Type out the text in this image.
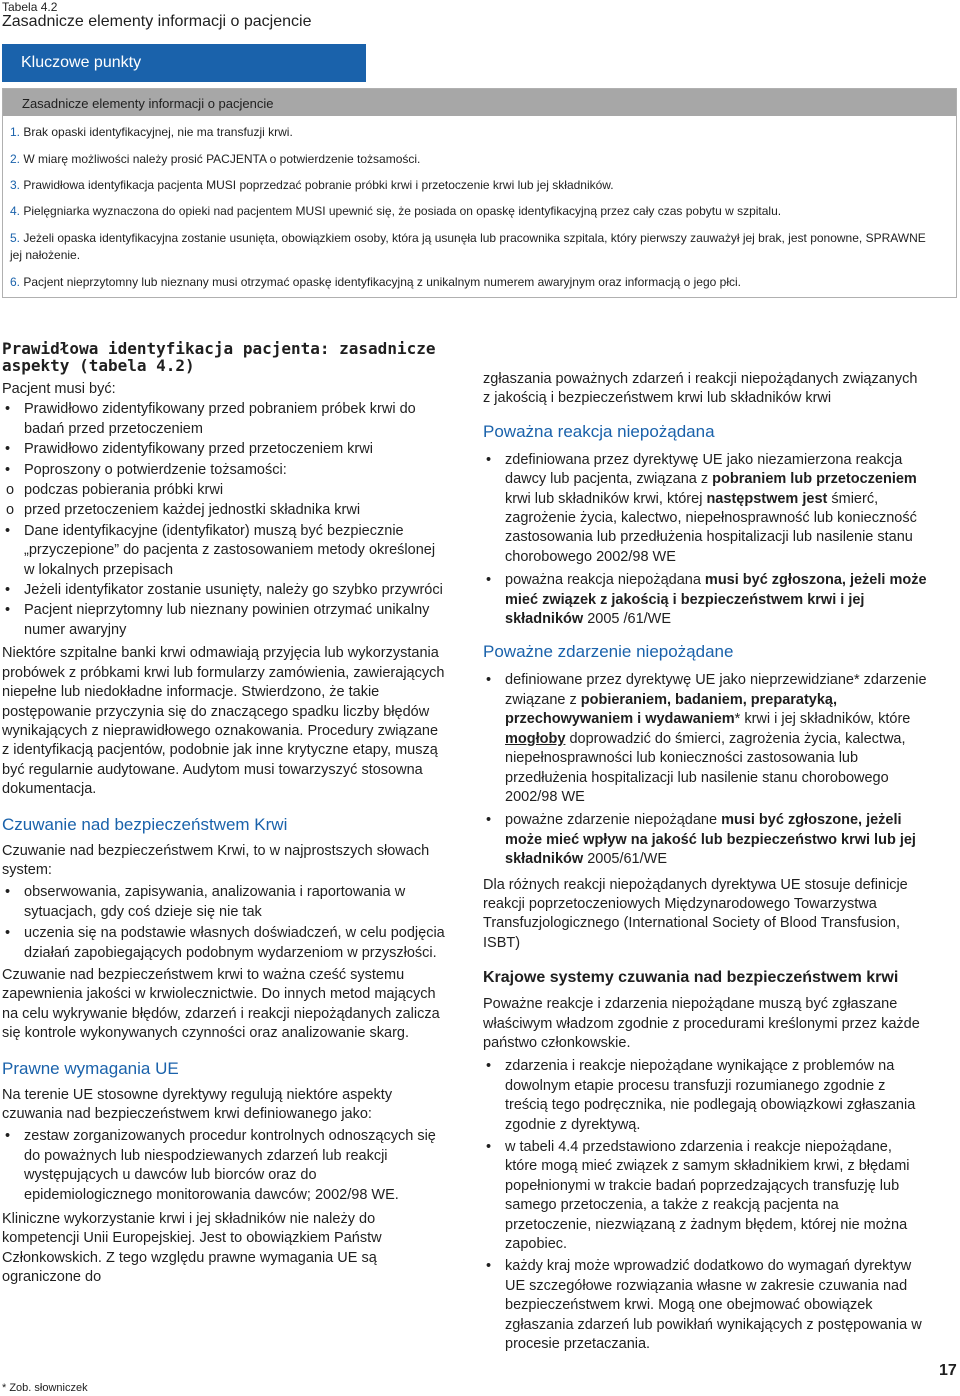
Tabela 4.2
Zasadnicze elementy informacji o pacjencie
Kluczowe punkty
Zasadnicze elementy informacji o pacjencie
1. Brak opaski identyfikacyjnej, nie ma transfuzji krwi.
2. W miarę możliwości należy prosić PACJENTA o potwierdzenie tożsamości.
3. Prawidłowa identyfikacja pacjenta MUSI poprzedzać pobranie próbki krwi i przetoczenie krwi lub jej składników.
4. Pielęgniarka wyznaczona do opieki nad pacjentem MUSI upewnić się, że posiada on opaskę identyfikacyjną przez cały czas pobytu w szpitalu.
5. Jeżeli opaska identyfikacyjna zostanie usunięta, obowiązkiem osoby, która ją usunęła lub pracownika szpitala, który pierwszy zauważył jej brak, jest ponowne, SPRAWNE jej nałożenie.
6. Pacjent nieprzytomny lub nieznany musi otrzymać opaskę identyfikacyjną z unikalnym numerem awaryjnym oraz informacją o jego płci.
Prawidłowa identyfikacja pacjenta: zasadnicze aspekty (tabela 4.2)

Pacjent musi być:

• Prawidłowo zidentyfikowany przed pobraniem próbek krwi do badań przed przetoczeniem
• Prawidłowo zidentyfikowany przed przetoczeniem krwi
• Poproszony o potwierdzenie tożsamości:
o podczas pobierania próbki krwi
o przed przetoczeniem każdej jednostki składnika krwi
• Dane identyfikacyjne (identyfikator) muszą być bezpiecznie „przyczepione” do pacjenta z zastosowaniem metody określonej w lokalnych przepisach
• Jeżeli identyfikator zostanie usunięty, należy go szybko przywróci
• Pacjent nieprzytomny lub nieznany powinien otrzymać unikalny numer awaryjny

Niektóre szpitalne banki krwi odmawiają przyjęcia lub wykorzystania probówek z próbkami krwi lub formularzy zamówienia, zawierających niepełne lub niedokładne informacje. Stwierdzono, że takie postępowanie przyczynia się do znaczącego spadku liczby błędów wynikających z nieprawidłowego oznakowania. Procedury związane z identyfikacją pacjentów, podobnie jak inne krytyczne etapy, muszą być regularnie audytowane. Audytom musi towarzyszyć stosowna dokumentacja.

Czuwanie nad bezpieczeństwem Krwi

Czuwanie nad bezpieczeństwem Krwi, to w najprostszych słowach system:

• obserwowania, zapisywania, analizowania i raportowania w sytuacjach, gdy coś dzieje się nie tak
• uczenia się na podstawie własnych doświadczeń, w celu podjęcia działań zapobiegających podobnym wydarzeniom w przyszłości.

Czuwanie nad bezpieczeństwem krwi to ważna cześć systemu zapewnienia jakości w krwiolecznictwie. Do innych metod mających na celu wykrywanie błędów, zdarzeń i reakcji niepożądanych zalicza się kontrole wykonywanych czynności oraz analizowanie skarg.

Prawne wymagania UE

Na terenie UE stosowne dyrektywy regulują niektóre aspekty czuwania nad bezpieczeństwem krwi definiowanego jako:

• zestaw zorganizowanych procedur kontrolnych odnoszących się do poważnych lub niespodziewanych zdarzeń lub reakcji występujących u dawców lub biorców oraz do epidemiologicznego monitorowania dawców; 2002/98 WE.

Kliniczne wykorzystanie krwi i jej składników nie należy do kompetencji Unii Europejskiej. Jest to obowiązkiem Państw Członkowskich. Z tego względu prawne wymagania UE są ograniczone do

zgłaszania poważnych zdarzeń i reakcji niepożądanych związanych z jakością i bezpieczeństwem krwi lub składników krwi

Poważna reakcja niepożądana
• zdefiniowana przez dyrektywę UE jako niezamierzona reakcja dawcy lub pacjenta, związana z pobraniem lub przetoczeniem krwi lub składników krwi, której następstwem jest śmierć, zagrożenie życia, kalectwo, niepełnosprawność lub konieczność zastosowania lub przedłużenia hospitalizacji lub nasilenie stanu chorobowego 2002/98 WE
• poważna reakcja niepożądana musi być zgłoszona, jeżeli może mieć związek z jakością i bezpieczeństwem krwi i jej składników 2005 /61/WE
Poważne zdarzenie niepożądane
• definiowane przez dyrektywę UE jako nieprzewidziane* zdarzenie związane z pobieraniem, badaniem, preparatyką, przechowywaniem i wydawaniem* krwi i jej składników, które mogłoby doprowadzić do śmierci, zagrożenia życia, kalectwa, niepełnosprawności lub konieczności zastosowania lub przedłużenia hospitalizacji lub nasilenie stanu chorobowego 2002/98 WE
• poważne zdarzenie niepożądane musi być zgłoszone, jeżeli może mieć wpływ na jakość lub bezpieczeństwo krwi lub jej składników 2005/61/WE

Dla różnych reakcji niepożądanych dyrektywa UE stosuje definicje reakcji poprzetoczeniowych Międzynarodowego Towarzystwa Transfuzjologicznego (International Society of Blood Transfusion, ISBT)

Krajowe systemy czuwania nad bezpieczeństwem krwi

Poważne reakcje i zdarzenia niepożądane muszą być zgłaszane właściwym władzom zgodnie z procedurami kreślonymi przez każde państwo członkowskie.

• zdarzenia i reakcje niepożądane wynikające z problemów na dowolnym etapie procesu transfuzji rozumianego zgodnie z treścią tego podręcznika, nie podlegają obowiązkowi zgłaszania zgodnie z dyrektywą.
• w tabeli 4.4 przedstawiono zdarzenia i reakcje niepożądane, które mogą mieć związek z samym składnikiem krwi, z błędami popełnionymi w trakcie badań poprzedzających transfuzję lub samego przetoczenia, a także z reakcją pacjenta na przetoczenie, niezwiązaną z żadnym błędem, której nie można zapobiec.
• każdy kraj może wprowadzić dodatkowo do wymagań dyrektyw UE szczegółowe rozwiązania własne w zakresie czuwania nad bezpieczeństwem krwi. Mogą one obejmować obowiązek zgłaszania zdarzeń lub powikłań wynikających z postępowania w procesie przetaczania.
17
* Zob. słowniczek
